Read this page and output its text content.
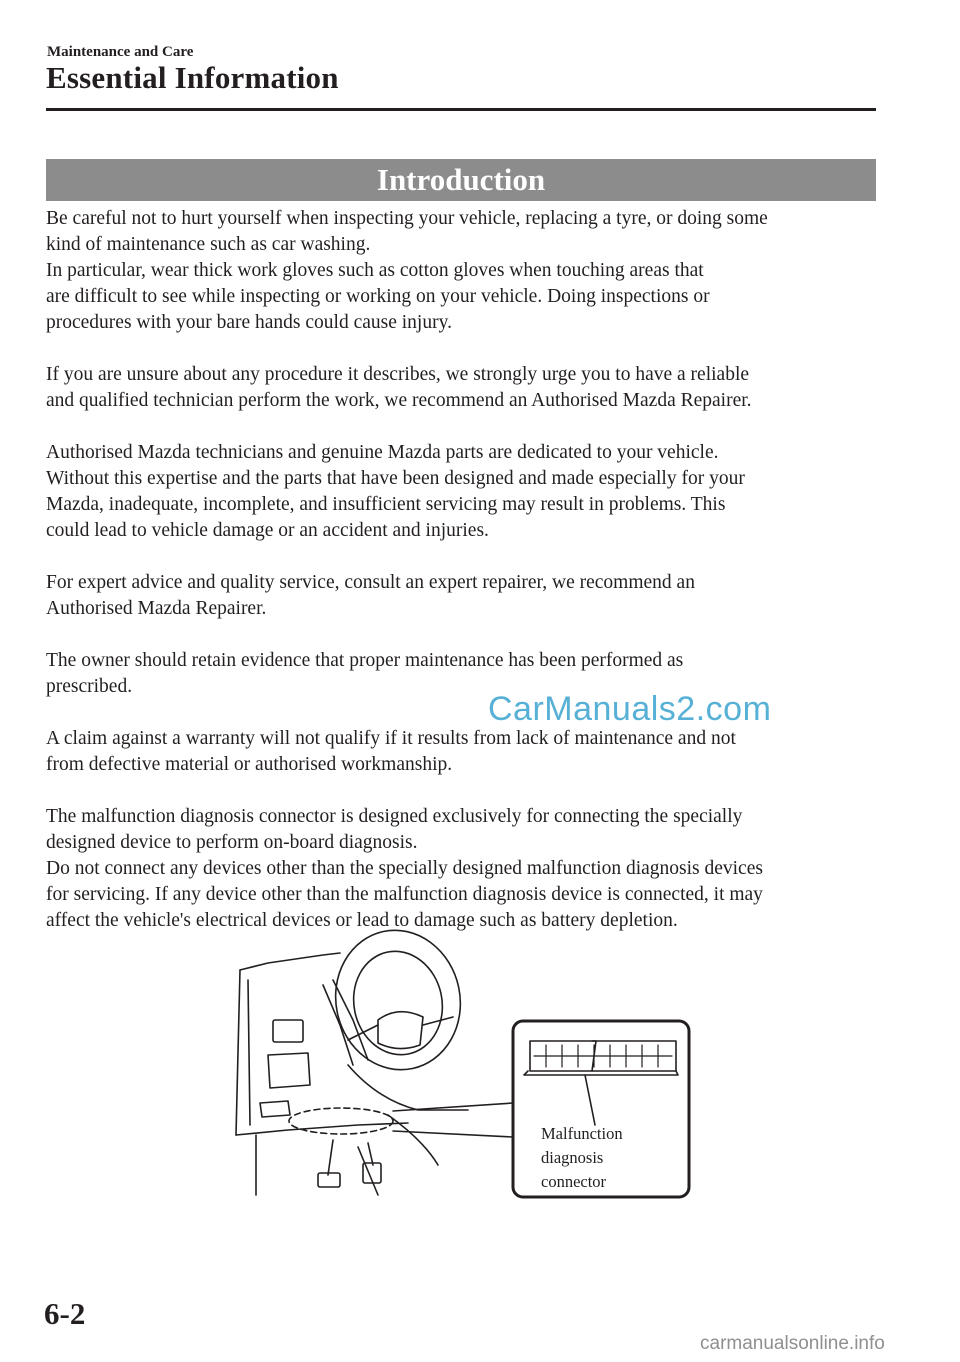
Maintenance and Care
Essential Information
Introduction

Be careful not to hurt yourself when inspecting your vehicle, replacing a tyre, or doing some
kind of maintenance such as car washing.
In particular, wear thick work gloves such as cotton gloves when touching areas that
are difficult to see while inspecting or working on your vehicle. Doing inspections or
procedures with your bare hands could cause injury.

If you are unsure about any procedure it describes, we strongly urge you to have a reliable
and qualified technician perform the work, we recommend an Authorised Mazda Repairer.

Authorised Mazda technicians and genuine Mazda parts are dedicated to your vehicle.
Without this expertise and the parts that have been designed and made especially for your
Mazda, inadequate, incomplete, and insufficient servicing may result in problems. This
could lead to vehicle damage or an accident and injuries.

For expert advice and quality service, consult an expert repairer, we recommend an
Authorised Mazda Repairer.

The owner should retain evidence that proper maintenance has been performed as
prescribed.

A claim against a warranty will not qualify if it results from lack of maintenance and not
from defective material or authorised workmanship.

The malfunction diagnosis connector is designed exclusively for connecting the specially
designed device to perform on-board diagnosis.
Do not connect any devices other than the specially designed malfunction diagnosis devices
for servicing. If any device other than the malfunction diagnosis device is connected, it may
affect the vehicle's electrical devices or lead to damage such as battery depletion.

CarManuals2.com
Malfunction
diagnosis
connector
6-2
carmanualsonline.info
